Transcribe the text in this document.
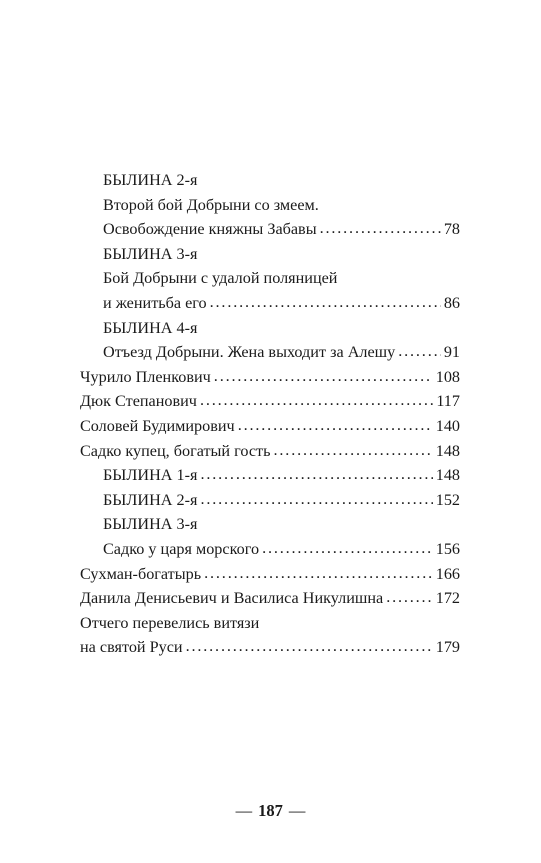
БЫЛИНА 2-я
Второй бой Добрыни со змеем.
Освобождение княжны Забавы . . .	78
БЫЛИНА 3-я
Бой Добрыни с удалой поляницей
и женитьба его . . .	86
БЫЛИНА 4-я
Отъезд Добрыни. Жена выходит за Алешу . . .	91
Чурило Пленкович . . .	108
Дюк Степанович . . .	117
Соловей Будимирович . . .	140
Садко купец, богатый гость . . .	148
БЫЛИНА 1-я . . .	148
БЫЛИНА 2-я . . .	152
БЫЛИНА 3-я
Садко у царя морского . . .	156
Сухман-богатырь . . .	166
Данила Денисьевич и Василиса Никулишна . . .	172
Отчего перевелись витязи
на святой Руси . . .	179
— 187 —
